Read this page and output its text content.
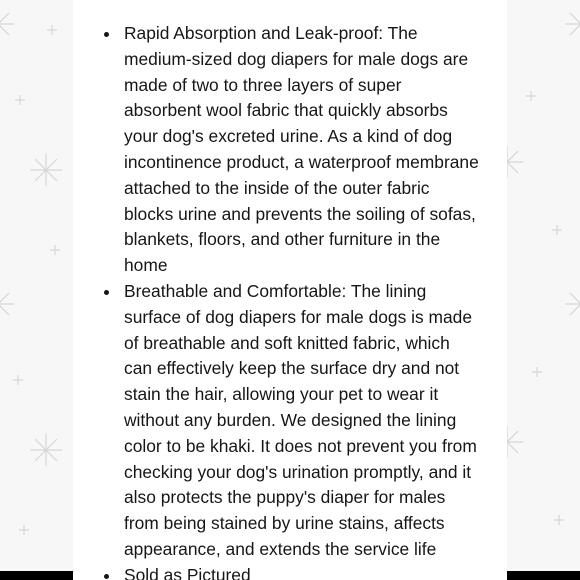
Rapid Absorption and Leak-proof: The
medium-sized dog diapers for male dogs are
made of two to three layers of super
absorbent wool fabric that quickly absorbs
your dog's excreted urine. As a kind of dog
incontinence product, a waterproof membrane
attached to the inside of the outer fabric
blocks urine and prevents the soiling of sofas,
blankets, floors, and other furniture in the
home
Breathable and Comfortable: The lining
surface of dog diapers for male dogs is made
of breathable and soft knitted fabric, which
can effectively keep the surface dry and not
stain the hair, allowing your pet to wear it
without any burden. We designed the lining
color to be khaki. It does not prevent you from
checking your dog's urination promptly, and it
also protects the puppy's diaper for males
from being stained by urine stains, affects
appearance, and extends the service life
Sold as Pictured
